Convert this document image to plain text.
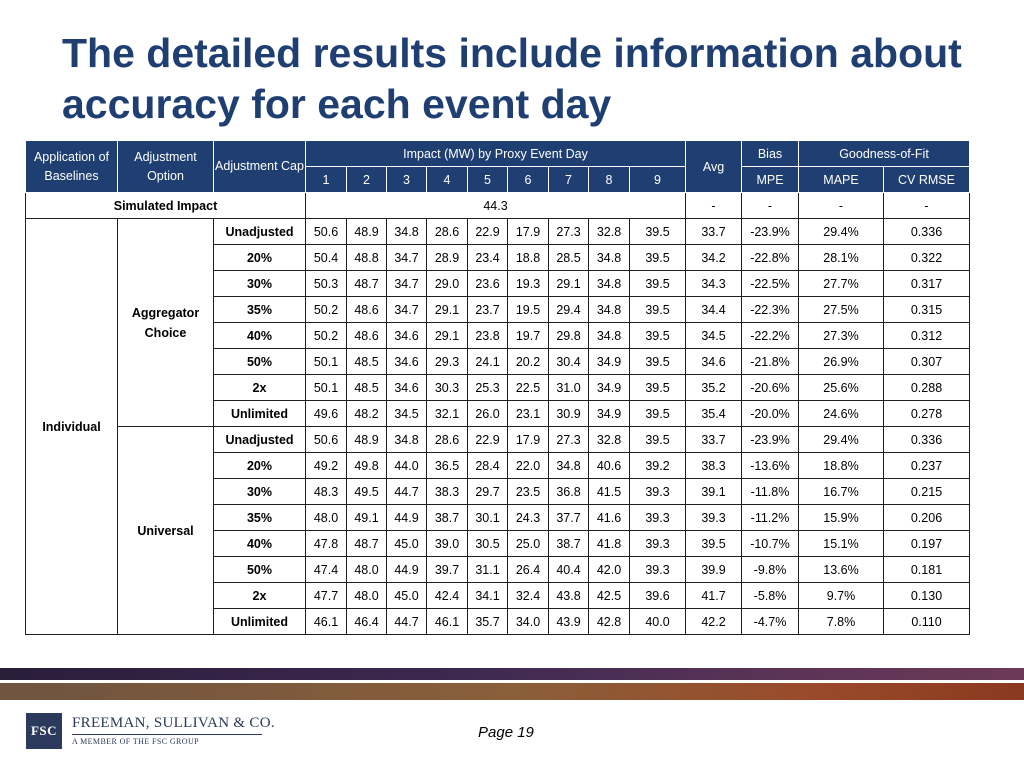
The detailed results include information about accuracy for each event day
Application of Baselines	Adjustment Option	Adjustment Cap	Impact (MW) by Proxy Event Day									Avg	Bias	Goodness-of-Fit	
			1	2	3	4	5	6	7	8	9		MPE	MAPE	CV RMSE
Simulated Impact			44.3									-	-	-	-
Individual	Aggregator Choice	Unadjusted	50.6	48.9	34.8	28.6	22.9	17.9	27.3	32.8	39.5	33.7	-23.9%	29.4%	0.336
		20%	50.4	48.8	34.7	28.9	23.4	18.8	28.5	34.8	39.5	34.2	-22.8%	28.1%	0.322
		30%	50.3	48.7	34.7	29.0	23.6	19.3	29.1	34.8	39.5	34.3	-22.5%	27.7%	0.317
		35%	50.2	48.6	34.7	29.1	23.7	19.5	29.4	34.8	39.5	34.4	-22.3%	27.5%	0.315
		40%	50.2	48.6	34.6	29.1	23.8	19.7	29.8	34.8	39.5	34.5	-22.2%	27.3%	0.312
		50%	50.1	48.5	34.6	29.3	24.1	20.2	30.4	34.9	39.5	34.6	-21.8%	26.9%	0.307
		2x	50.1	48.5	34.6	30.3	25.3	22.5	31.0	34.9	39.5	35.2	-20.6%	25.6%	0.288
		Unlimited	49.6	48.2	34.5	32.1	26.0	23.1	30.9	34.9	39.5	35.4	-20.0%	24.6%	0.278
	Universal	Unadjusted	50.6	48.9	34.8	28.6	22.9	17.9	27.3	32.8	39.5	33.7	-23.9%	29.4%	0.336
		20%	49.2	49.8	44.0	36.5	28.4	22.0	34.8	40.6	39.2	38.3	-13.6%	18.8%	0.237
		30%	48.3	49.5	44.7	38.3	29.7	23.5	36.8	41.5	39.3	39.1	-11.8%	16.7%	0.215
		35%	48.0	49.1	44.9	38.7	30.1	24.3	37.7	41.6	39.3	39.3	-11.2%	15.9%	0.206
		40%	47.8	48.7	45.0	39.0	30.5	25.0	38.7	41.8	39.3	39.5	-10.7%	15.1%	0.197
		50%	47.4	48.0	44.9	39.7	31.1	26.4	40.4	42.0	39.3	39.9	-9.8%	13.6%	0.181
		2x	47.7	48.0	45.0	42.4	34.1	32.4	43.8	42.5	39.6	41.7	-5.8%	9.7%	0.130
		Unlimited	46.1	46.4	44.7	46.1	35.7	34.0	43.9	42.8	40.0	42.2	-4.7%	7.8%	0.110
FSC FREEMAN, SULLIVAN & CO.
A MEMBER OF THE FSC GROUP
Page 19
